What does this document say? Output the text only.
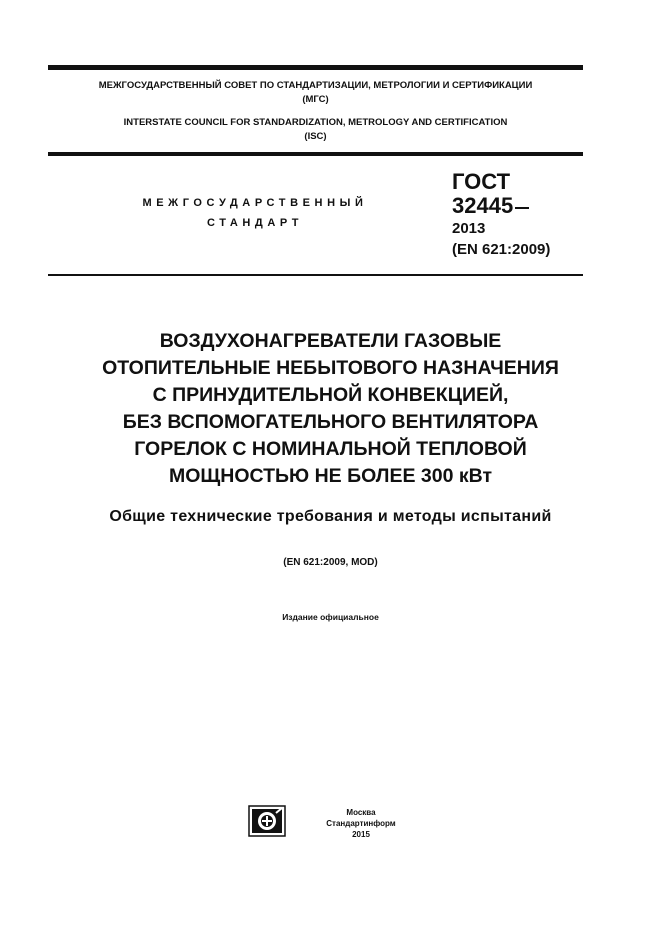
МЕЖГОСУДАРСТВЕННЫЙ СОВЕТ ПО СТАНДАРТИЗАЦИИ, МЕТРОЛОГИИ И СЕРТИФИКАЦИИ
(МГС)
INTERSTATE COUNCIL FOR STANDARDIZATION, METROLOGY AND CERTIFICATION
(ISC)
МЕЖГОСУДАРСТВЕННЫЙ
СТАНДАРТ
ГОСТ
32445
2013
(EN 621:2009)
ВОЗДУХОНАГРЕВАТЕЛИ ГАЗОВЫЕ
ОТОПИТЕЛЬНЫЕ НЕБЫТОВОГО НАЗНАЧЕНИЯ
С ПРИНУДИТЕЛЬНОЙ КОНВЕКЦИЕЙ,
БЕЗ ВСПОМОГАТЕЛЬНОГО ВЕНТИЛЯТОРА
ГОРЕЛОК С НОМИНАЛЬНОЙ ТЕПЛОВОЙ
МОЩНОСТЬЮ НЕ БОЛЕЕ 300 кВт
Общие технические требования и методы испытаний
(EN 621:2009, MOD)
Издание официальное
Москва
Стандартинформ
2015
